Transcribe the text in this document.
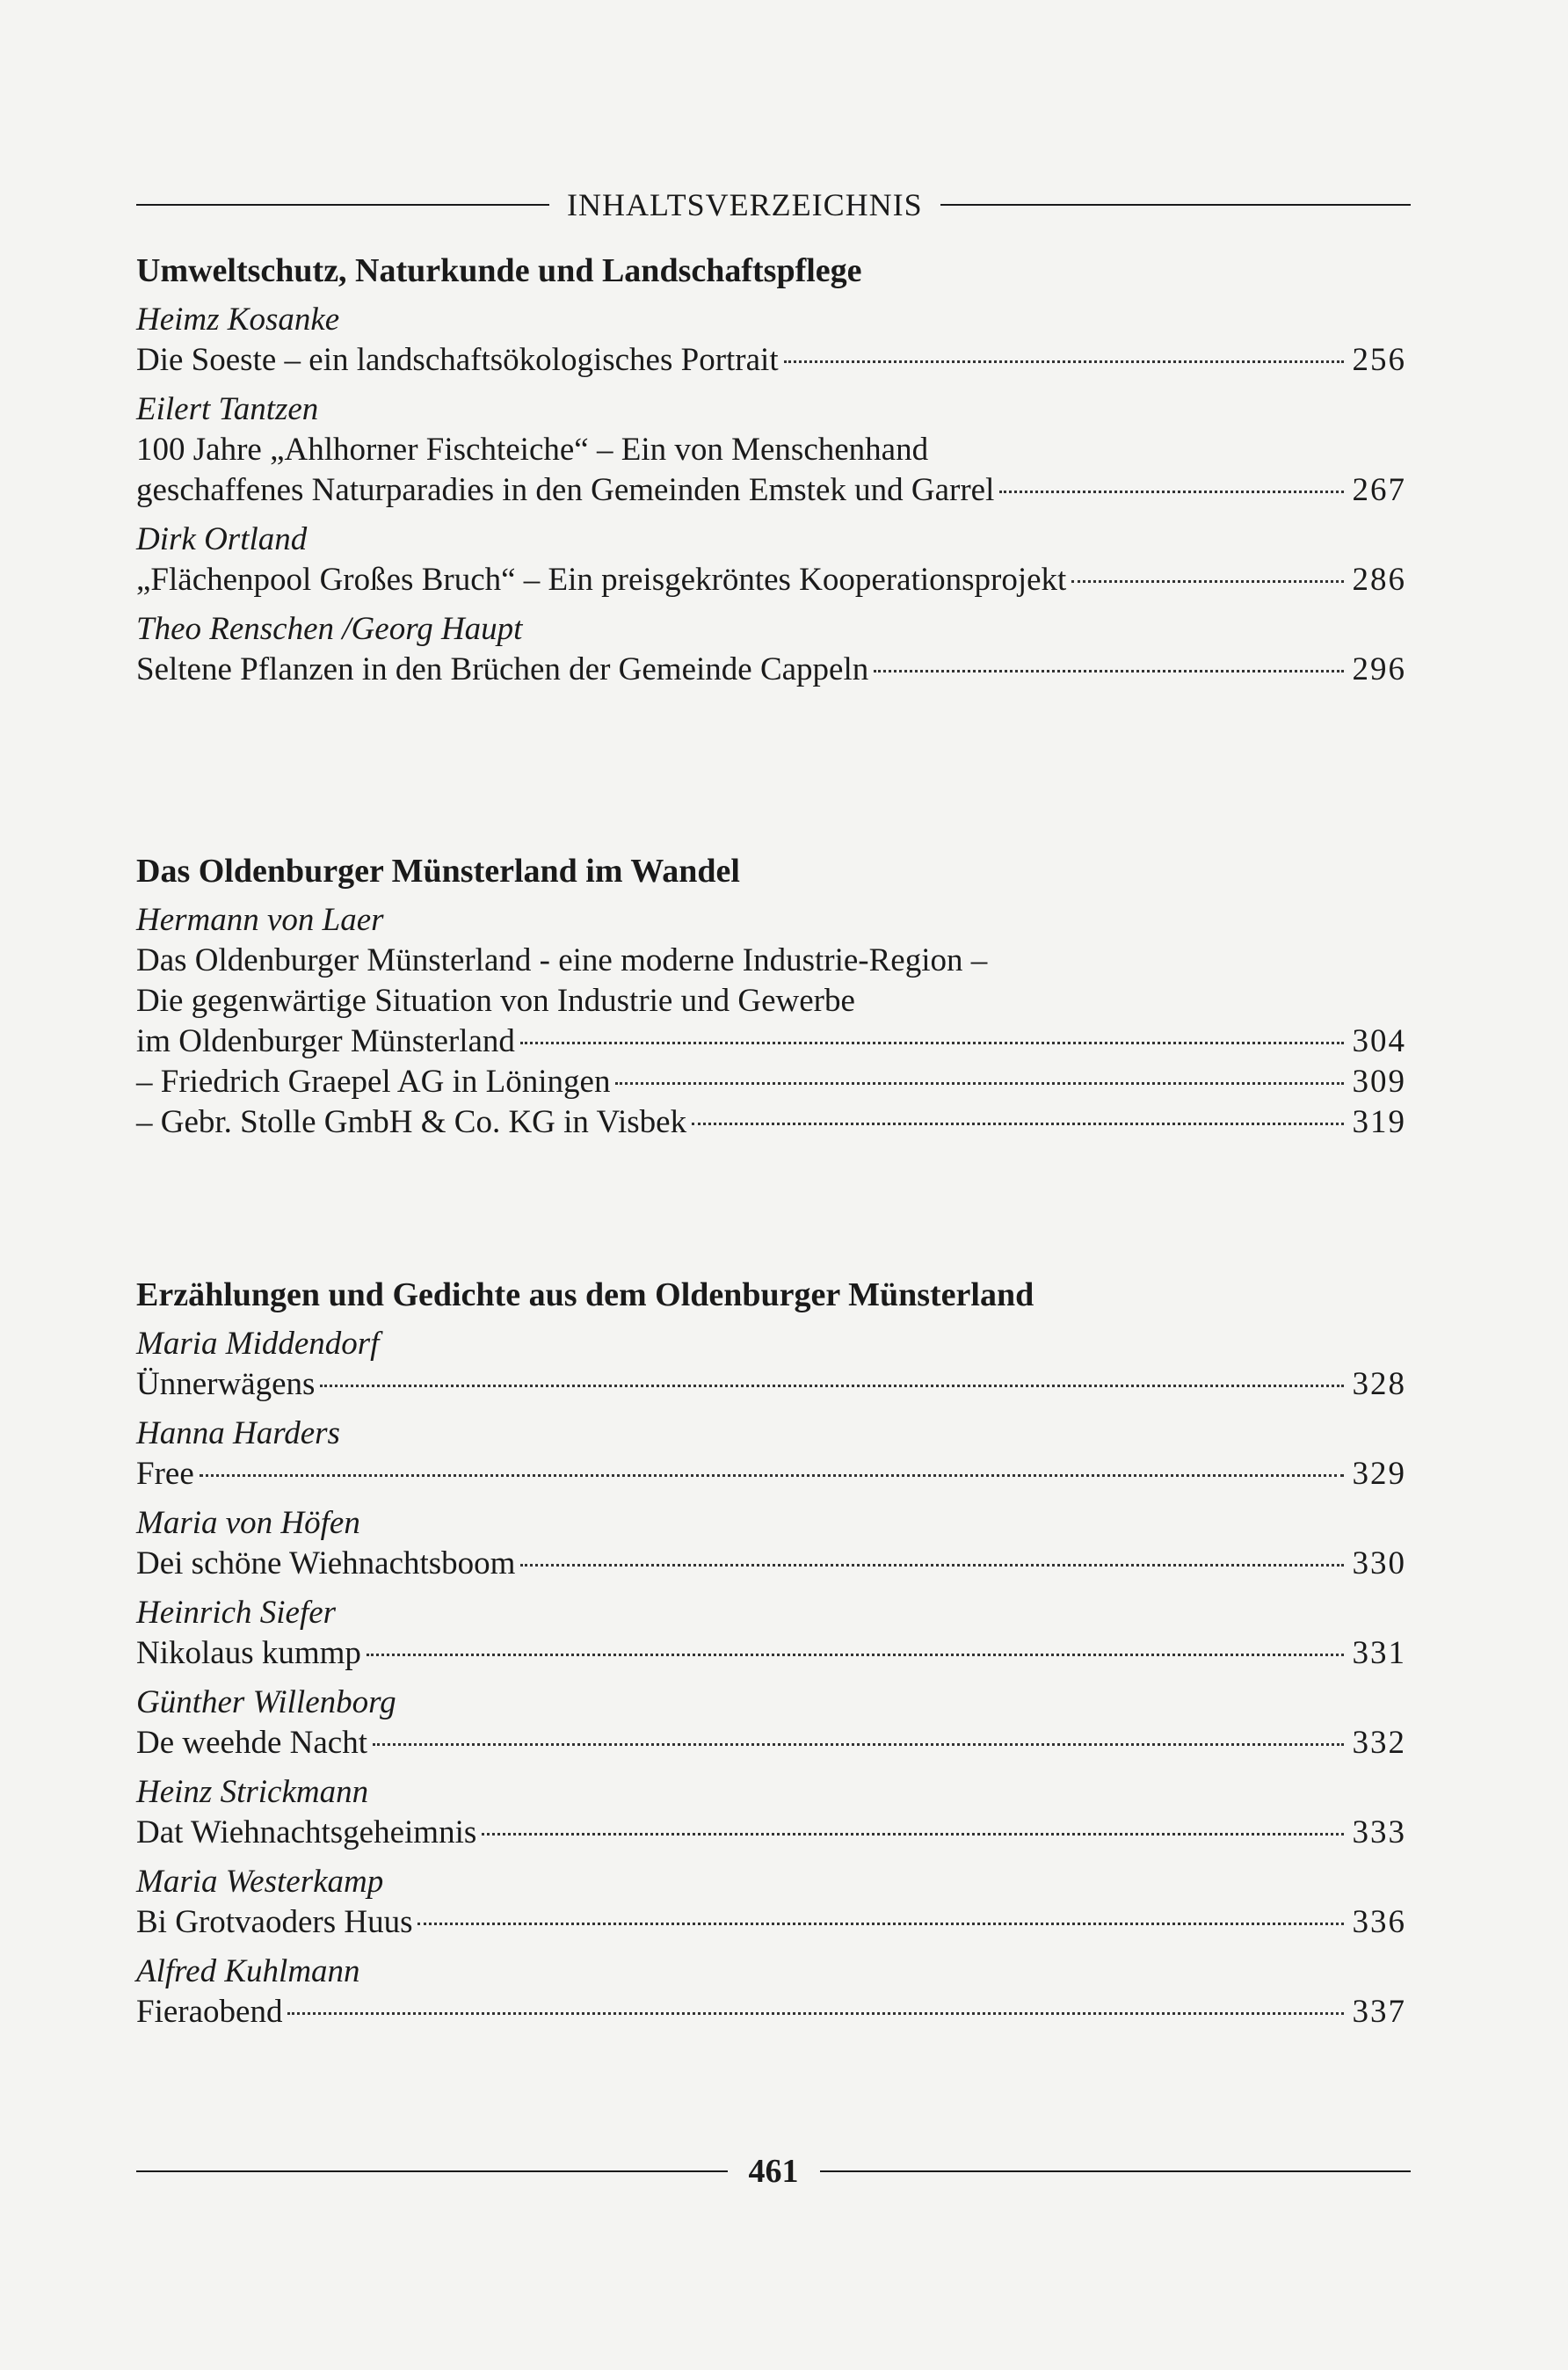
INHALTSVERZEICHNIS
Umweltschutz, Naturkunde und Landschaftspflege
Heimz Kosanke
Die Soeste – ein landschaftsökologisches Portrait	256
Eilert Tantzen
100 Jahre „Ahlhorner Fischteiche“ – Ein von Menschenhand
geschaffenes Naturparadies in den Gemeinden Emstek und Garrel	267
Dirk Ortland
„Flächenpool Großes Bruch“ – Ein preisgekröntes Kooperationsprojekt	286
Theo Renschen /Georg Haupt
Seltene Pflanzen in den Brüchen der Gemeinde Cappeln	296
Das Oldenburger Münsterland im Wandel
Hermann von Laer
Das Oldenburger Münsterland - eine moderne Industrie-Region –
Die gegenwärtige Situation von Industrie und Gewerbe
im Oldenburger Münsterland	304
– Friedrich Graepel AG in Löningen	309
– Gebr. Stolle GmbH & Co. KG in Visbek	319
Erzählungen und Gedichte aus dem Oldenburger Münsterland
Maria Middendorf
Ünnerwägens	328
Hanna Harders
Free	329
Maria von Höfen
Dei schöne Wiehnachtsboom	330
Heinrich Siefer
Nikolaus kummp	331
Günther Willenborg
De weehde Nacht	332
Heinz Strickmann
Dat Wiehnachtsgeheimnis	333
Maria Westerkamp
Bi Grotvaoders Huus	336
Alfred Kuhlmann
Fieraobend	337
461
